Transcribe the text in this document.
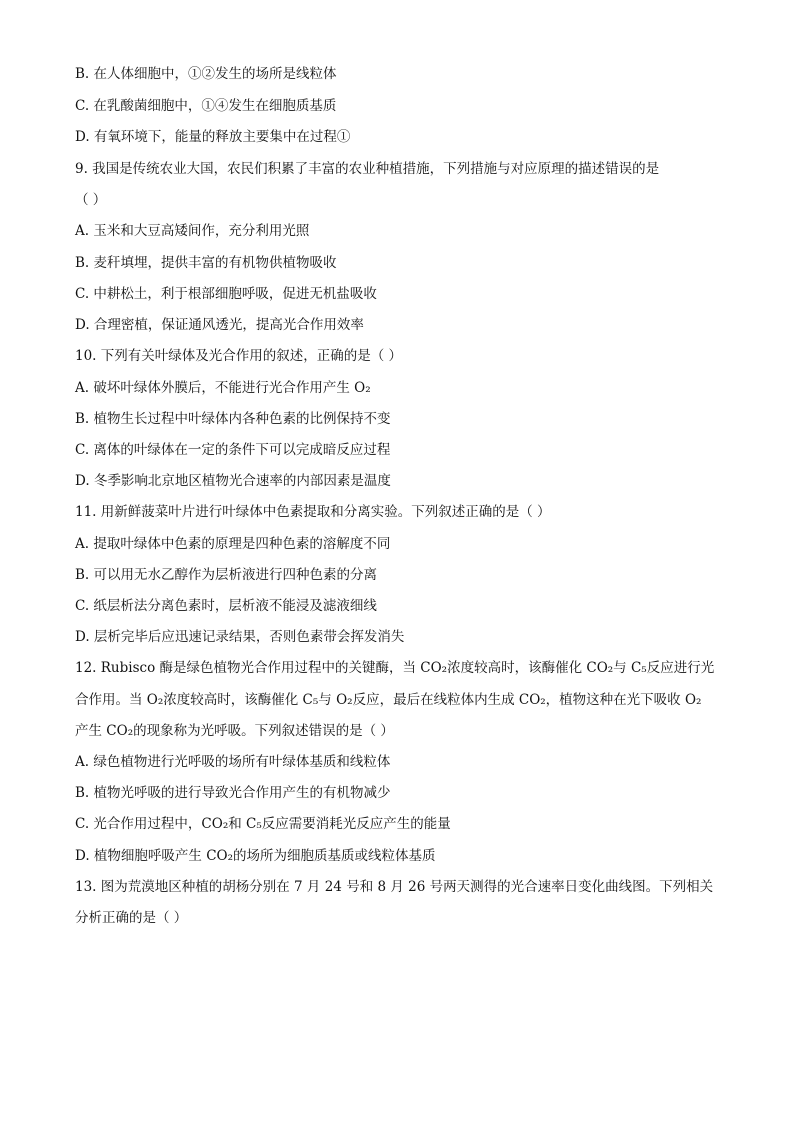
B. 在人体细胞中，①②发生的场所是线粒体
C. 在乳酸菌细胞中，①④发生在细胞质基质
D. 有氧环境下，能量的释放主要集中在过程①
9. 我国是传统农业大国，农民们积累了丰富的农业种植措施，下列措施与对应原理的描述错误的是
（ ）
A. 玉米和大豆高矮间作，充分利用光照
B. 麦秆填埋，提供丰富的有机物供植物吸收
C. 中耕松土，利于根部细胞呼吸，促进无机盐吸收
D. 合理密植，保证通风透光，提高光合作用效率
10. 下列有关叶绿体及光合作用的叙述，正确的是（ ）
A. 破坏叶绿体外膜后，不能进行光合作用产生 O₂
B. 植物生长过程中叶绿体内各种色素的比例保持不变
C. 离体的叶绿体在一定的条件下可以完成暗反应过程
D. 冬季影响北京地区植物光合速率的内部因素是温度
11. 用新鲜菠菜叶片进行叶绿体中色素提取和分离实验。下列叙述正确的是（ ）
A. 提取叶绿体中色素的原理是四种色素的溶解度不同
B. 可以用无水乙醇作为层析液进行四种色素的分离
C. 纸层析法分离色素时，层析液不能浸及滤液细线
D. 层析完毕后应迅速记录结果，否则色素带会挥发消失
12. Rubisco 酶是绿色植物光合作用过程中的关键酶，当 CO₂浓度较高时，该酶催化 CO₂与 C₅反应进行光
合作用。当 O₂浓度较高时，该酶催化 C₅与 O₂反应，最后在线粒体内生成 CO₂，植物这种在光下吸收 O₂
产生 CO₂的现象称为光呼吸。下列叙述错误的是（ ）
A. 绿色植物进行光呼吸的场所有叶绿体基质和线粒体
B. 植物光呼吸的进行导致光合作用产生的有机物减少
C. 光合作用过程中，CO₂和 C₅反应需要消耗光反应产生的能量
D. 植物细胞呼吸产生 CO₂的场所为细胞质基质或线粒体基质
13. 图为荒漠地区种植的胡杨分别在 7 月 24 号和 8 月 26 号两天测得的光合速率日变化曲线图。下列相关
分析正确的是（ ）
